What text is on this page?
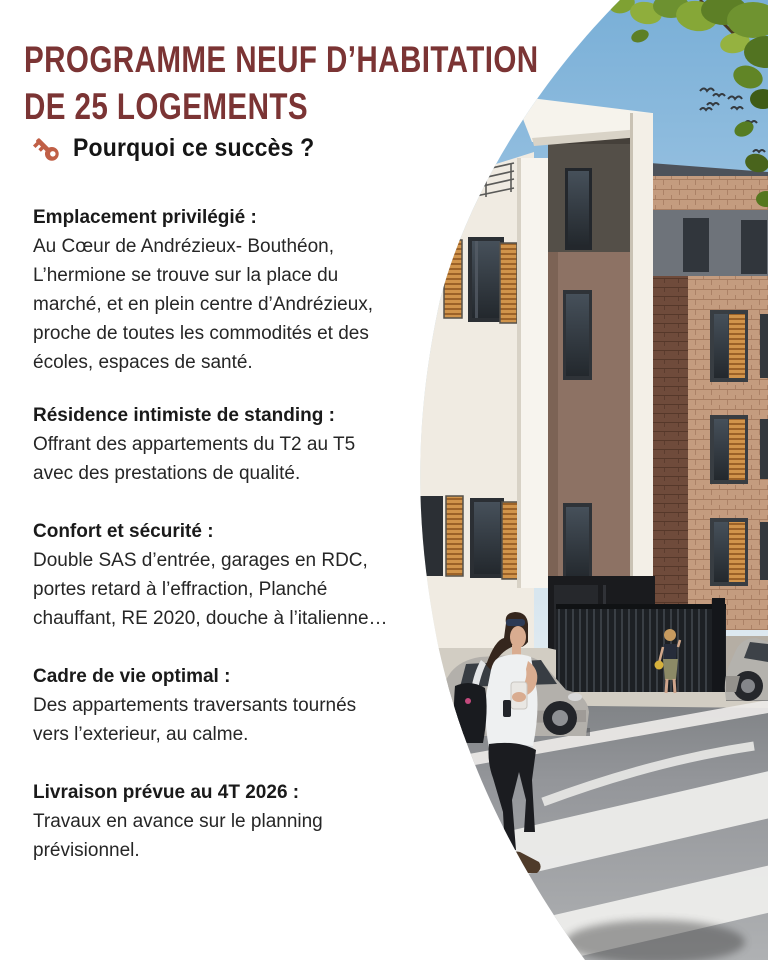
PROGRAMME NEUF D’HABITATION
DE 25 LOGEMENTS
Pourquoi ce succès ?
Emplacement privilégié :
Au Cœur de Andrézieux- Bouthéon,
L’hermione se trouve sur la place du
marché, et en plein centre d’Andrézieux,
proche de toutes les commodités et des
écoles, espaces de santé.
Résidence intimiste de standing :
Offrant des appartements du T2 au T5
avec des prestations de qualité.
Confort et sécurité :
Double SAS d’entrée, garages en RDC,
portes retard à l’effraction, Planché
chauffant, RE 2020, douche à l’italienne…
Cadre de vie optimal :
Des appartements traversants tournés
vers l’exterieur, au calme.
Livraison prévue au 4T 2026 :
Travaux en avance sur le planning
prévisionnel.
